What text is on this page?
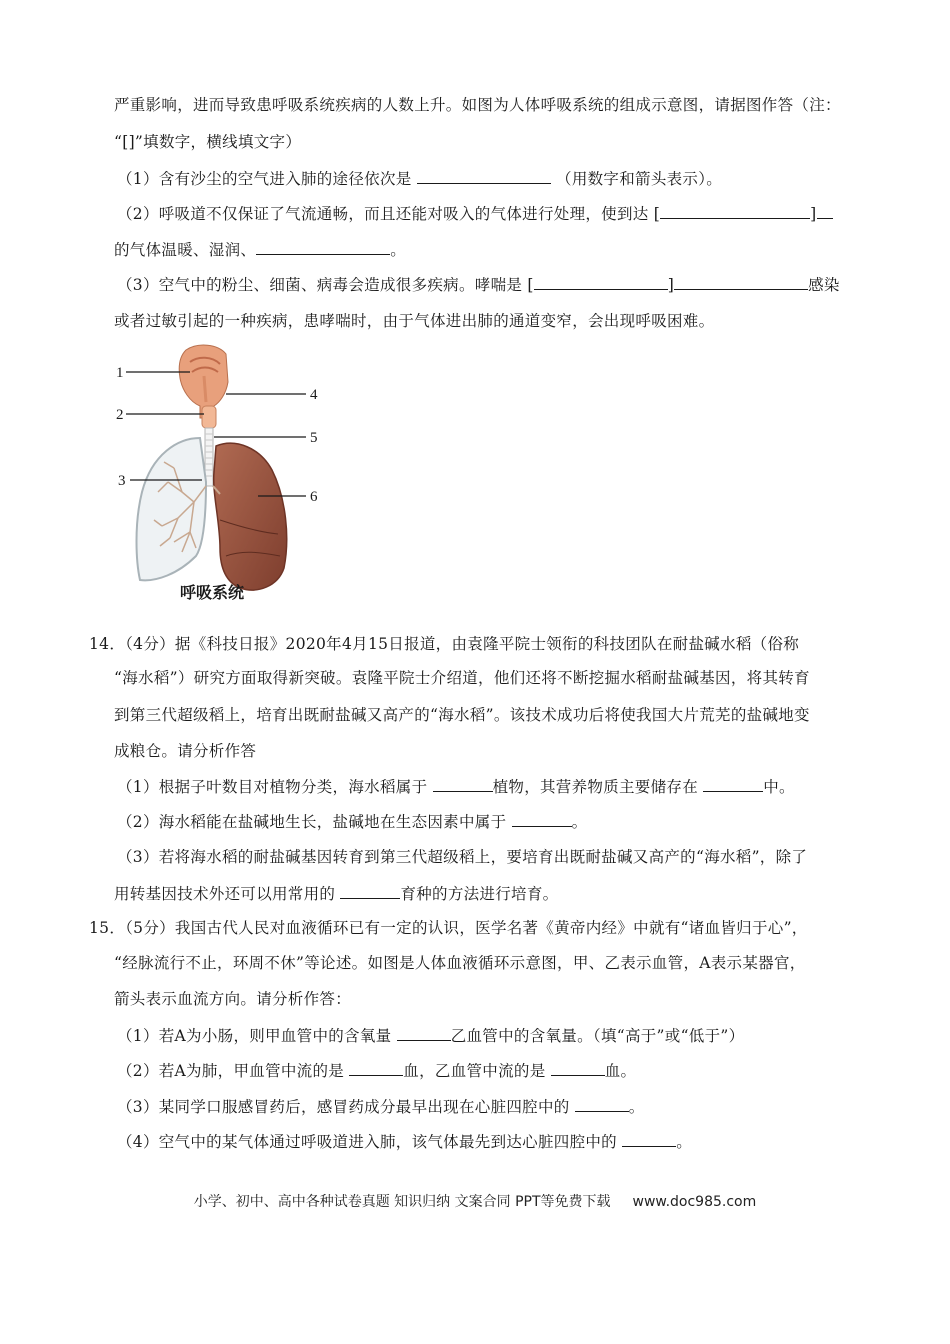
严重影响，进而导致患呼吸系统疾病的人数上升。如图为人体呼吸系统的组成示意图，请据图作答（注：
“[]”填数字，横线填文字）
（1）含有沙尘的空气进入肺的途径依次是	（用数字和箭头表示）。
（2）呼吸道不仅保证了气流通畅，而且还能对吸入的气体进行处理，使到达 [	]
的气体温暖、湿润、	。
（3）空气中的粉尘、细菌、病毒会造成很多疾病。哮喘是 [	]	感染
或者过敏引起的一种疾病，患哮喘时，由于气体进出肺的通道变窄，会出现呼吸困难。
1
2
3
4
5
6
呼吸系统
14．（4分）据《科技日报》2020年4月15日报道，由袁隆平院士领衔的科技团队在耐盐碱水稻（俗称
“海水稻”）研究方面取得新突破。袁隆平院士介绍道，他们还将不断挖掘水稻耐盐碱基因，将其转育
到第三代超级稻上，培育出既耐盐碱又高产的“海水稻”。该技术成功后将使我国大片荒芜的盐碱地变
成粮仓。请分析作答
（1）根据子叶数目对植物分类，海水稻属于	植物，其营养物质主要储存在	中。
（2）海水稻能在盐碱地生长，盐碱地在生态因素中属于	。
（3）若将海水稻的耐盐碱基因转育到第三代超级稻上，要培育出既耐盐碱又高产的“海水稻”，除了
用转基因技术外还可以用常用的	育种的方法进行培育。
15．（5分）我国古代人民对血液循环已有一定的认识，医学名著《黄帝内经》中就有“诸血皆归于心”，
“经脉流行不止，环周不休”等论述。如图是人体血液循环示意图，甲、乙表示血管，A表示某器官，
箭头表示血流方向。请分析作答：
（1）若A为小肠，则甲血管中的含氧量	乙血管中的含氧量。（填“高于”或“低于”）
（2）若A为肺，甲血管中流的是	血，乙血管中流的是	血。
（3）某同学口服感冒药后，感冒药成分最早出现在心脏四腔中的	。
（4）空气中的某气体通过呼吸道进入肺，该气体最先到达心脏四腔中的	。
小学、初中、高中各种试卷真题 知识归纳 文案合同 PPT等免费下载 www.doc985.com
